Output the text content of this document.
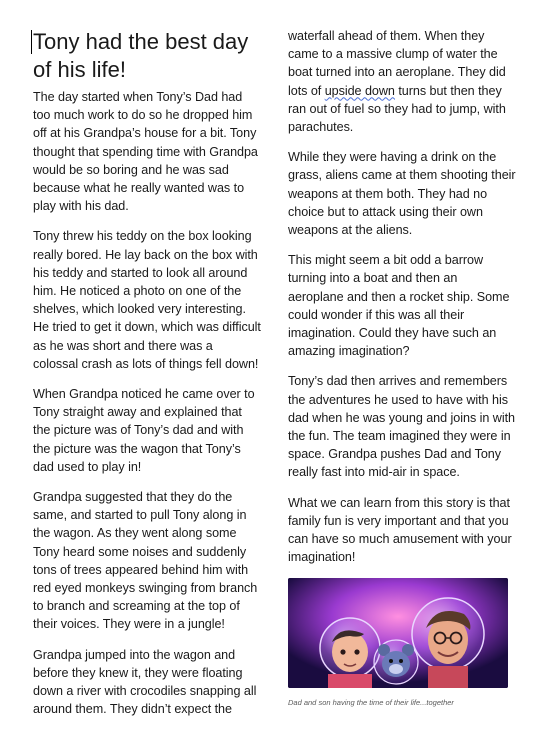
Tony had the best day of his life!

The day started when Tony’s Dad had too much work to do so he dropped him off at his Grandpa’s house for a bit. Tony thought that spending time with Grandpa would be so boring and he was sad because what he really wanted was to play with his dad.

Tony threw his teddy on the box looking really bored. He lay back on the box with his teddy and started to look all around him. He noticed a photo on one of the shelves, which looked very interesting. He tried to get it down, which was difficult as he was short and there was a colossal crash as lots of things fell down!

When Grandpa noticed he came over to Tony straight away and explained that the picture was of Tony’s dad and with the picture was the wagon that Tony’s dad used to play in!

Grandpa suggested that they do the same, and started to pull Tony along in the wagon. As they went along some Tony heard some noises and suddenly tons of trees appeared behind him with red eyed monkeys swinging from branch to branch and screaming at the top of their voices. They were in a jungle!

Grandpa jumped into the wagon and before they knew it, they were floating down a river with crocodiles snapping all around them. They didn’t expect the

waterfall ahead of them. When they came to a massive clump of water the boat turned into an aeroplane. They did lots of upside down turns but then they ran out of fuel so they had to jump, with parachutes.

While they were having a drink on the grass, aliens came at them shooting their weapons at them both. They had no choice but to attack using their own weapons at the aliens.

This might seem a bit odd a barrow turning into a boat and then an aeroplane and then a rocket ship. Some could wonder if this was all their imagination. Could they have such an amazing imagination?

Tony’s dad then arrives and remembers the adventures he used to have with his dad when he was young and joins in with the fun. The team imagined they were in space. Grandpa pushes Dad and Tony really fast into mid-air in space.

What we can learn from this story is that family fun is very important and that you can have so much amusement with your imagination!

Dad and son having the time of their life...together
